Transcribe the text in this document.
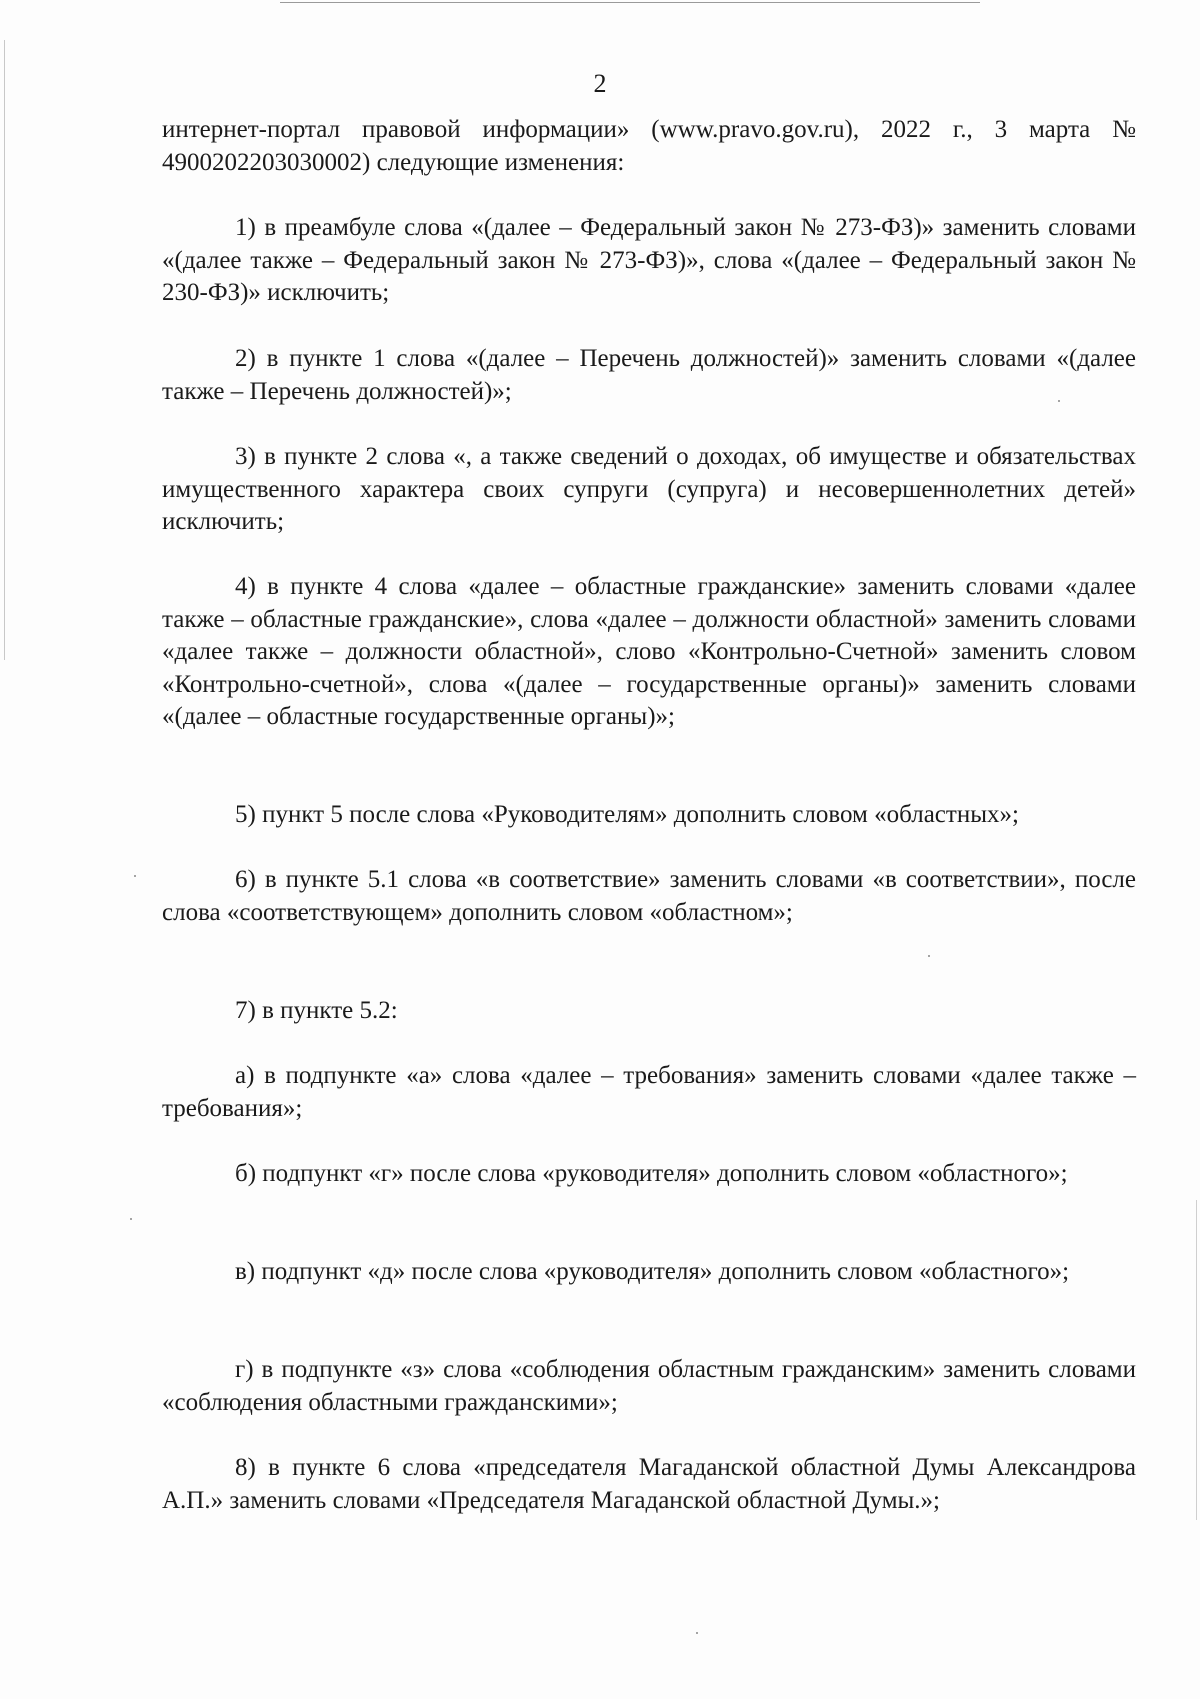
2

интернет-портал правовой информации» (www.pravo.gov.ru), 2022 г., 3 марта № 4900202203030002) следующие изменения:

1) в преамбуле слова «(далее – Федеральный закон № 273-ФЗ)» заменить словами «(далее также – Федеральный закон № 273-ФЗ)», слова «(далее – Федеральный закон № 230-ФЗ)» исключить;

2) в пункте 1 слова «(далее – Перечень должностей)» заменить словами «(далее также – Перечень должностей)»;

3) в пункте 2 слова «, а также сведений о доходах, об имуществе и обязательствах имущественного характера своих супруги (супруга) и несовершеннолетних детей» исключить;

4) в пункте 4 слова «далее – областные гражданские» заменить словами «далее также – областные гражданские», слова «далее – должности областной» заменить словами «далее также – должности областной», слово «Контрольно-Счетной» заменить словом «Контрольно-счетной», слова «(далее – государственные органы)» заменить словами «(далее – областные государственные органы)»;

5) пункт 5 после слова «Руководителям» дополнить словом «областных»;

6) в пункте 5.1 слова «в соответствие» заменить словами «в соответствии», после слова «соответствующем» дополнить словом «областном»;

7) в пункте 5.2:

а) в подпункте «а» слова «далее – требования» заменить словами «далее также – требования»;

б) подпункт «г» после слова «руководителя» дополнить словом «областного»;

в) подпункт «д» после слова «руководителя» дополнить словом «областного»;

г) в подпункте «з» слова «соблюдения областным гражданским» заменить словами «соблюдения областными гражданскими»;

8) в пункте 6 слова «председателя Магаданской областной Думы Александрова А.П.» заменить словами «Председателя Магаданской областной Думы.»;
